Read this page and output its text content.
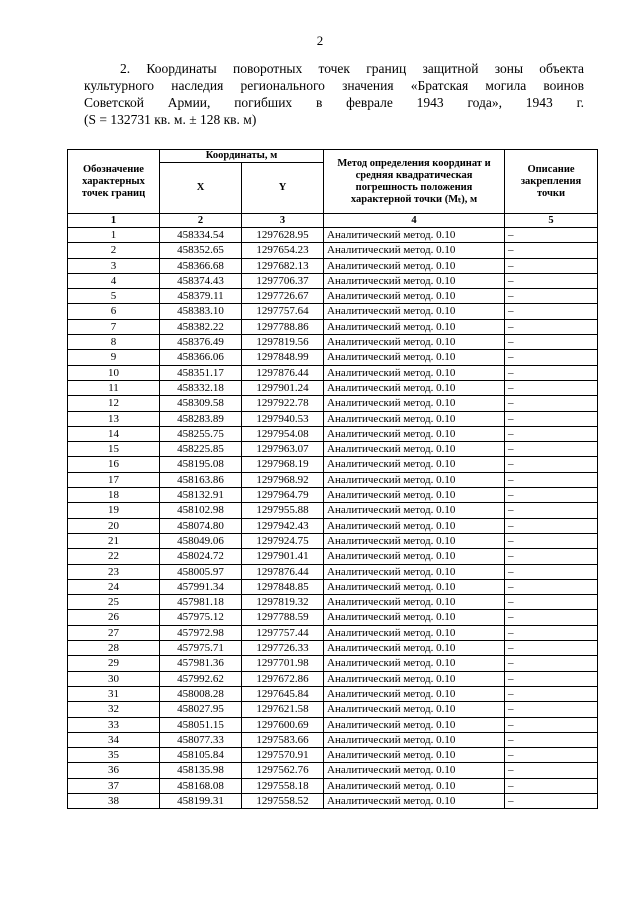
2
2. Координаты поворотных точек границ защитной зоны объекта
культурного наследия регионального значения «Братская могила воинов
Советской Армии, погибших в феврале 1943 года», 1943 г.
(S = 132731 кв. м. ± 128 кв. м)
Обозначение характерных точек границ	Координаты, м		Метод определения координат и средняя квадратическая погрешность положения характерной точки (Mₜ), м	Описание закрепления точки
	X	Y		
1	2	3	4	5
1	458334.54	1297628.95	Аналитический метод. 0.10	–
2	458352.65	1297654.23	Аналитический метод. 0.10	–
3	458366.68	1297682.13	Аналитический метод. 0.10	–
4	458374.43	1297706.37	Аналитический метод. 0.10	–
5	458379.11	1297726.67	Аналитический метод. 0.10	–
6	458383.10	1297757.64	Аналитический метод. 0.10	–
7	458382.22	1297788.86	Аналитический метод. 0.10	–
8	458376.49	1297819.56	Аналитический метод. 0.10	–
9	458366.06	1297848.99	Аналитический метод. 0.10	–
10	458351.17	1297876.44	Аналитический метод. 0.10	–
11	458332.18	1297901.24	Аналитический метод. 0.10	–
12	458309.58	1297922.78	Аналитический метод. 0.10	–
13	458283.89	1297940.53	Аналитический метод. 0.10	–
14	458255.75	1297954.08	Аналитический метод. 0.10	–
15	458225.85	1297963.07	Аналитический метод. 0.10	–
16	458195.08	1297968.19	Аналитический метод. 0.10	–
17	458163.86	1297968.92	Аналитический метод. 0.10	–
18	458132.91	1297964.79	Аналитический метод. 0.10	–
19	458102.98	1297955.88	Аналитический метод. 0.10	–
20	458074.80	1297942.43	Аналитический метод. 0.10	–
21	458049.06	1297924.75	Аналитический метод. 0.10	–
22	458024.72	1297901.41	Аналитический метод. 0.10	–
23	458005.97	1297876.44	Аналитический метод. 0.10	–
24	457991.34	1297848.85	Аналитический метод. 0.10	–
25	457981.18	1297819.32	Аналитический метод. 0.10	–
26	457975.12	1297788.59	Аналитический метод. 0.10	–
27	457972.98	1297757.44	Аналитический метод. 0.10	–
28	457975.71	1297726.33	Аналитический метод. 0.10	–
29	457981.36	1297701.98	Аналитический метод. 0.10	–
30	457992.62	1297672.86	Аналитический метод. 0.10	–
31	458008.28	1297645.84	Аналитический метод. 0.10	–
32	458027.95	1297621.58	Аналитический метод. 0.10	–
33	458051.15	1297600.69	Аналитический метод. 0.10	–
34	458077.33	1297583.66	Аналитический метод. 0.10	–
35	458105.84	1297570.91	Аналитический метод. 0.10	–
36	458135.98	1297562.76	Аналитический метод. 0.10	–
37	458168.08	1297558.18	Аналитический метод. 0.10	–
38	458199.31	1297558.52	Аналитический метод. 0.10	–
